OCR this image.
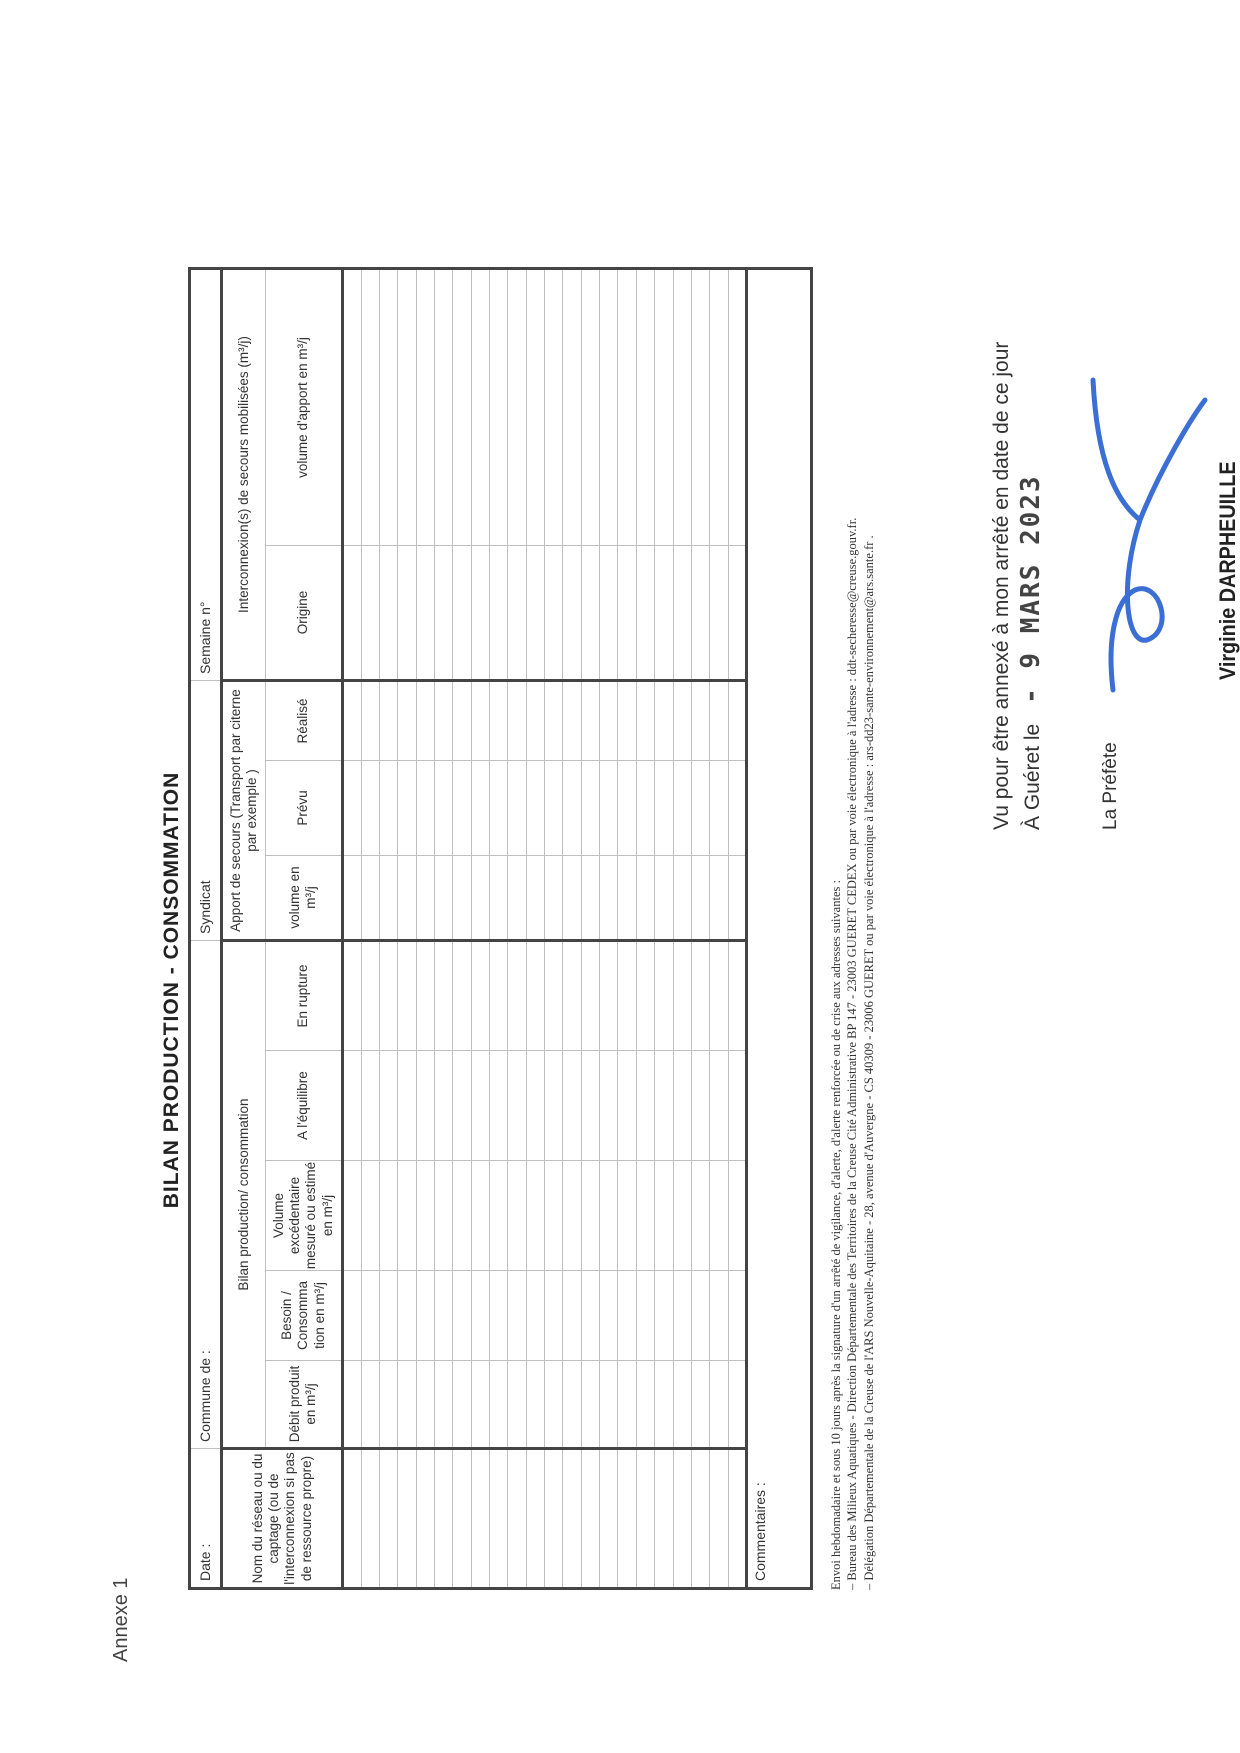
Annexe 1
BILAN PRODUCTION - CONSOMMATION
Date :	Commune de :					Syndicat			Semaine n°	
Nom du réseau ou du captage (ou de l'interconnexion si pas de ressource propre)	Bilan production/ consommation					Apport de secours (Transport par citerne par exemple )			Interconnexion(s) de secours mobilisées (m³/j)	
	Débit produit en m³/j	Besoin / Consomma tion en m³/j	Volume excédentaire mesuré ou estimé en m³/j	A l'équilibre	En rupture	volume en m³/j	Prévu	Réalisé	Origine	volume d'apport en m³/j

Commentaires :											Envoi hebdomadaire et sous 10 jours après la signature d'un arrêté de vigilance, d'alerte, d'alerte renforcée ou de crise aux adresses suivantes : – Bureau des Milieux Aquatiques - Direction Départementale des Territoires de la Creuse Cité Administrative BP 147 - 23003 GUERET CEDEX ou par voie électronique à l'adresse : ddt-secheresse@creuse.gouv.fr. – Délégation Départementale de la Creuse de l'ARS Nouvelle-Aquitaine - 28, avenue d'Auvergne - CS 40309 - 23006 GUERET ou par voie électronique à l'adresse : ars-dd23-sante-environnement@ars.sante.fr .	Vu pour être annexé à mon arrêté en date de ce jour À Guéret le - 9 MARS 2023
La Préfète
Virginie DARPHEUILLE
